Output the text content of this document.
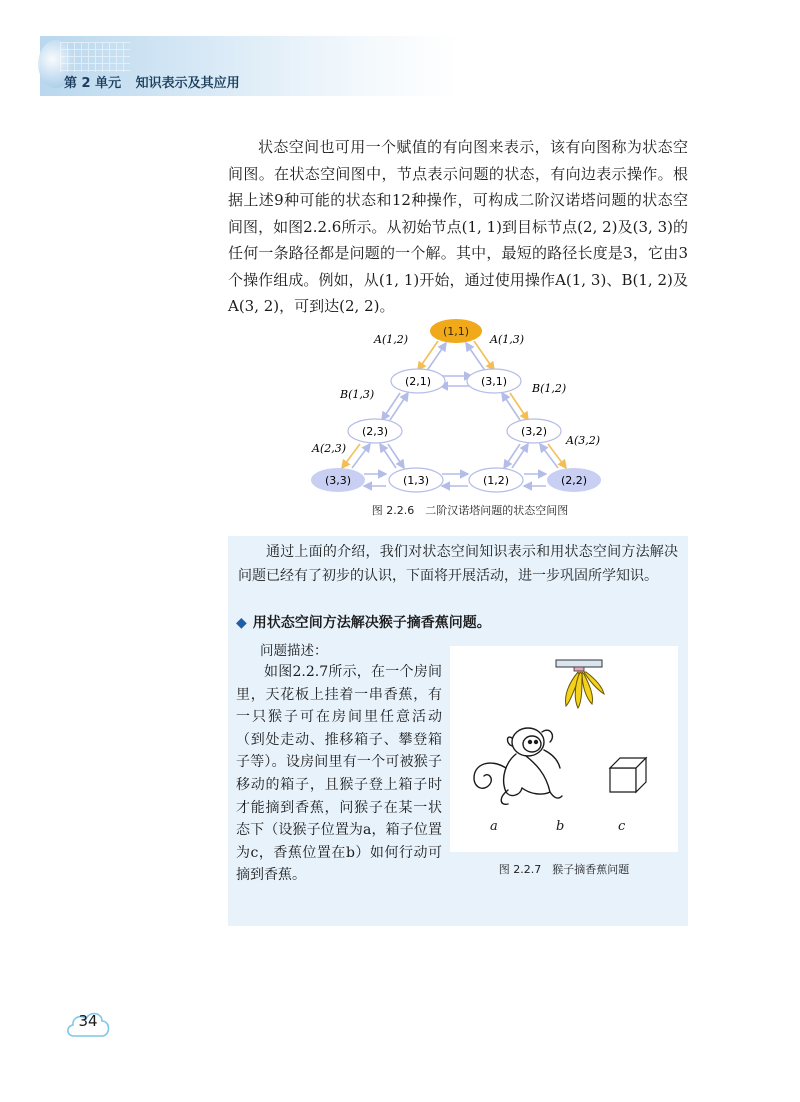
第 2 单元 知识表示及其应用

状态空间也可用一个赋值的有向图来表示，该有向图称为状态空间图。在状态空间图中，节点表示问题的状态，有向边表示操作。根据上述9种可能的状态和12种操作，可构成二阶汉诺塔问题的状态空间图，如图2.2.6所示。从初始节点(1, 1)到目标节点(2, 2)及(3, 3)的任何一条路径都是问题的一个解。其中，最短的路径长度是3，它由3个操作组成。例如，从(1, 1)开始，通过使用操作A(1, 3)、B(1, 2)及A(3, 2)，可到达(2, 2)。

(1,1)
(2,1)	(3,1)
(2,3)	(3,2)
(3,3)	(1,3)	(1,2)	(2,2)
A(1,2)	A(1,3)
B(1,3)	B(1,2)
A(2,3)
A(3,2)
图 2.2.6　二阶汉诺塔问题的状态空间图

通过上面的介绍，我们对状态空间知识表示和用状态空间方法解决问题已经有了初步的认识，下面将开展活动，进一步巩固所学知识。

◆ 用状态空间方法解决猴子摘香蕉问题。
问题描述：

如图2.2.7所示，在一个房间里，天花板上挂着一串香蕉，有一只猴子可在房间里任意活动（到处走动、推移箱子、攀登箱子等）。设房间里有一个可被猴子移动的箱子，且猴子登上箱子时才能摘到香蕉，问猴子在某一状态下（设猴子位置为a，箱子位置为c，香蕉位置在b）如何行动可摘到香蕉。

a	b	c
图 2.2.7　猴子摘香蕉问题
34
